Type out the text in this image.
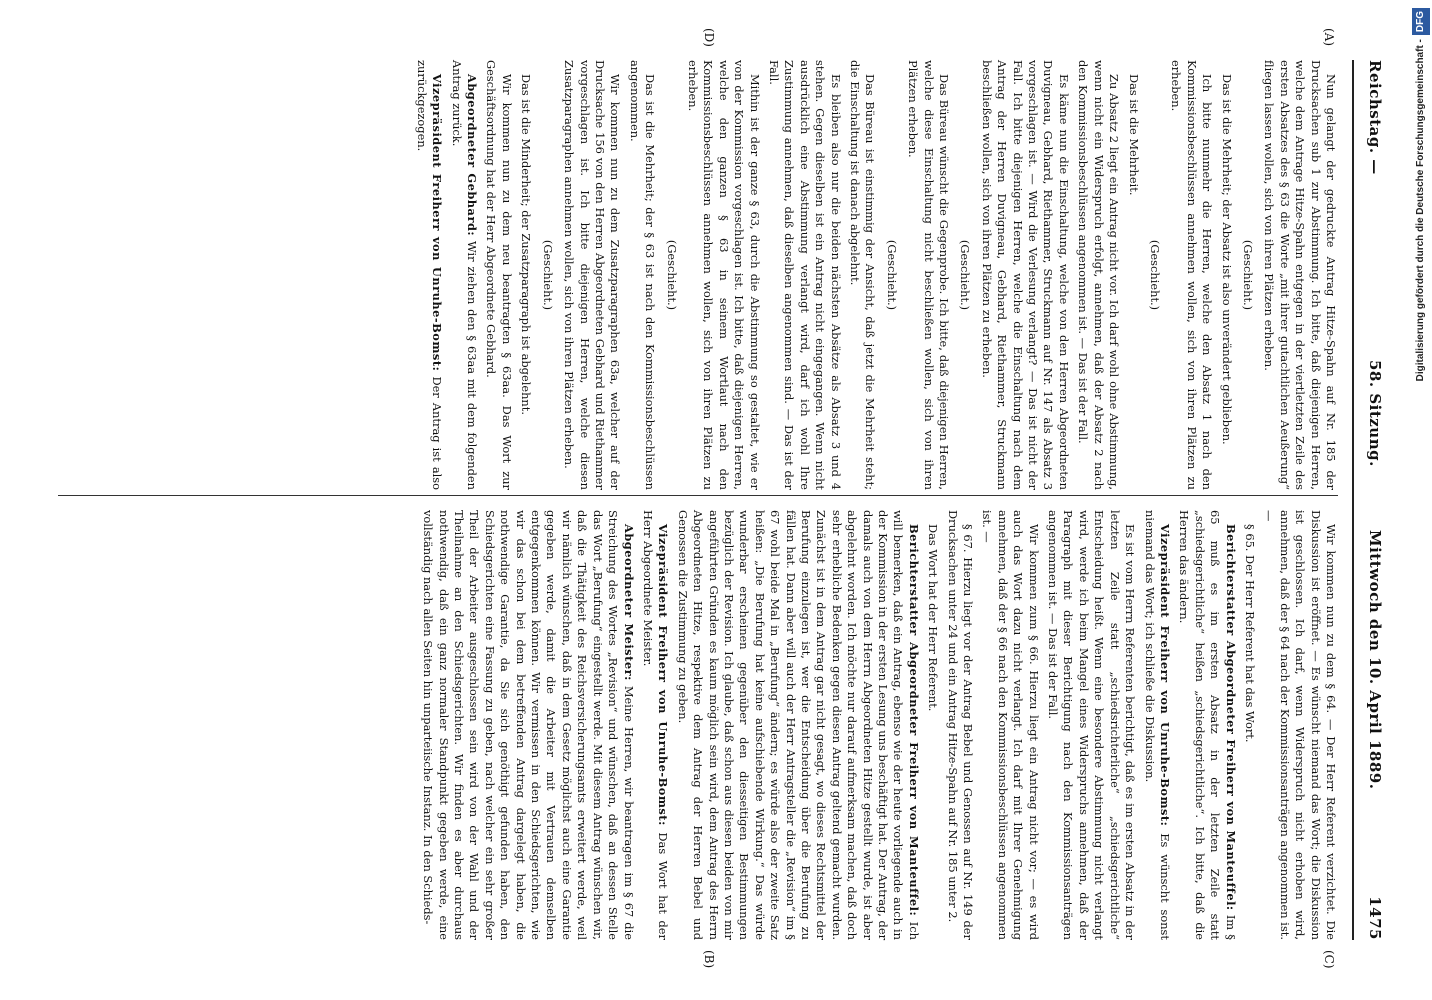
Reichstag. —
58. Sitzung.
Mittwoch den 10. April 1889.
1475
(A)
(D)
(C)
(B)

Nun gelangt der gedruckte Antrag Hitze-Spahn auf Nr. 185 der Drucksachen sub 1 zur Abstimmung. Ich bitte, daß diejenigen Herren, welche dem Antrage Hitze-Spahn entgegen in der viertletzten Zeile des ersten Absatzes des § 63 die Worte „mit ihrer gutachtlichen Aeußerung“ fliegen lassen wollen, sich von ihren Plätzen erheben.

(Geschieht.)

Das ist die Mehrheit; der Absatz ist also unverändert geblieben.

Ich bitte nunmehr die Herren, welche den Absatz 1 nach den Kommissionsbeschlüssen annehmen wollen, sich von ihren Plätzen zu erheben.

(Geschieht.)

Das ist die Mehrheit.

Zu Absatz 2 liegt ein Antrag nicht vor. Ich darf wohl ohne Abstimmung, wenn nicht ein Widerspruch erfolgt, annehmen, daß der Absatz 2 nach den Kommissionsbeschlüssen angenommen ist. — Das ist der Fall.

Es käme nun die Einschaltung, welche von den Herren Abgeordneten Duvigneau, Gebhard, Riethammer, Struckmann auf Nr. 147 als Absatz 3 vorgeschlagen ist. — Wird die Verlesung verlangt? — Das ist nicht der Fall. Ich bitte diejenigen Herren, welche die Einschaltung nach dem Antrag der Herren Duvigneau, Gebhard, Riethammer, Struckmann beschließen wollen, sich von ihren Plätzen zu erheben.

(Geschieht.)

Das Büreau wünscht die Gegenprobe. Ich bitte, daß diejenigen Herren, welche diese Einschaltung nicht beschließen wollen, sich von ihren Plätzen erheben.

(Geschieht.)

Das Büreau ist einstimmig der Ansicht, daß jetzt die Mehrheit steht; die Einschaltung ist danach abgelehnt.

Es bleiben also nur die beiden nächsten Absätze als Absatz 3 und 4 stehen. Gegen dieselben ist ein Antrag nicht eingegangen. Wenn nicht ausdrücklich eine Abstimmung verlangt wird, darf ich wohl Ihre Zustimmung annehmen, daß dieselben angenommen sind. — Das ist der Fall.

Mithin ist der ganze § 63, durch die Abstimmung so gestaltet, wie er von der Kommission vorgeschlagen ist. Ich bitte, daß diejenigen Herren, welche den ganzen § 63 in seinem Wortlaut nach den Kommissionsbeschlüssen annehmen wollen, sich von ihren Plätzen zu erheben.

(Geschieht.)

Das ist die Mehrheit; der § 63 ist nach den Kommissionsbeschlüssen angenommen.

Wir kommen nun zu dem Zusatzparagraphen 63a, welcher auf der Drucksache 156 von den Herren Abgeordneten Gebhard und Riethammer vorgeschlagen ist. Ich bitte diejenigen Herren, welche diesen Zusatzparagraphen annehmen wollen, sich von ihren Plätzen erheben.

(Geschieht.)

Das ist die Minderheit; der Zusatzparagraph ist abgelehnt.

Wir kommen nun zu dem neu beantragten § 63aa. Das Wort zur Geschäftsordnung hat der Herr Abgeordnete Gebhard.

Abgeordneter Gebhard: Wir ziehen den § 63aa mit dem folgenden Antrag zurück.

Vizepräsident Freiherr von Unruhe-Bomst: Der Antrag ist also zurückgezogen.

Wir kommen nun zu dem § 64. — Der Herr Referent verzichtet. Die Diskussion ist eröffnet. — Es wünscht niemand das Wort; die Diskussion ist geschlossen. Ich darf, wenn Widerspruch nicht erhoben wird, annehmen, daß der § 64 nach der Kommissionsanträgen angenommen ist. —

§ 65. Der Herr Referent hat das Wort.

Berichterstatter Abgeordneter Freiherr von Manteuffel: Im § 65 muß es im ersten Absatz in der letzten Zeile statt „schiedsgerichtliche“ heißen „schiedsgerichtliche“. Ich bitte, daß die Herren das ändern.

Vizepräsident Freiherr von Unruhe-Bomst: Es wünscht sonst niemand das Wort; ich schließe die Diskussion.

Es ist vom Herrn Referenten berichtigt, daß es im ersten Absatz in der letzten Zeile statt „schiedsrichterliche“ „schiedsgerichtliche“ Entscheidung heißt. Wenn eine besondere Abstimmung nicht verlangt wird, werde ich beim Mangel eines Widerspruchs annehmen, daß der Paragraph mit dieser Berichtigung nach den Kommissionsanträgen angenommen ist. — Das ist der Fall.

Wir kommen zum § 66. Hierzu liegt ein Antrag nicht vor; — es wird auch das Wort dazu nicht verlangt. Ich darf mit Ihrer Genehmigung annehmen, daß der § 66 nach den Kommissionsbeschlüssen angenommen ist. —

§ 67. Hierzu liegt vor der Antrag Bebel und Genossen auf Nr. 149 der Drucksachen unter 24 und ein Antrag Hitze-Spahn auf Nr. 185 unter 2.

Das Wort hat der Herr Referent.

Berichterstatter Abgeordneter Freiherr von Manteuffel: Ich will bemerken, daß ein Antrag, ebenso wie der heute vorliegende auch in der Kommission in der ersten Lesung uns beschäftigt hat. Der Antrag, der damals auch von dem Herrn Abgeordneten Hitze gestellt wurde, ist aber abgelehnt worden. Ich möchte nur darauf aufmerksam machen, daß doch sehr erhebliche Bedenken gegen diesen Antrag geltend gemacht wurden. Zunächst ist in dem Antrag gar nicht gesagt, wo dieses Rechtsmittel der Berufung einzulegen ist, wer die Entscheidung über die Berufung zu fällen hat. Dann aber will auch der Herr Antragsteller die „Revision“ im § 67 wohl beide Mal in „Berufung“ ändern; es würde also der zweite Satz heißen: „Die Berufung hat keine aufschiebende Wirkung.“ Das würde wunderbar erscheinen gegenüber den diesseitigen Bestimmungen bezüglich der Revision. Ich glaube, daß schon aus diesen beiden von mir angeführten Gründen es kaum möglich sein wird, dem Antrag des Herrn Abgeordneten Hitze, respektive dem Antrag der Herren Bebel und Genossen die Zustimmung zu geben.

Vizepräsident Freiherr von Unruhe-Bomst: Das Wort hat der Herr Abgeordnete Meister.

Abgeordneter Meister: Meine Herren, wir beantragen im § 67 die Streichung des Wortes „Revision“ und wünschen, daß an dessen Stelle das Wort „Berufung“ eingestellt werde. Mit diesem Antrag wünschen wir, daß die Thätigkeit des Reichsversicherungsamts erweitert werde, weil wir nämlich wünschen, daß in dem Gesetz möglichst auch eine Garantie gegeben werde, damit die Arbeiter mit Vertrauen demselben entgegenkommen können. Wir vermissen in den Schiedsgerichten, wie wir das schon bei dem betreffenden Antrag dargelegt haben, die nothwendige Garantie, da Sie sich genöthigt gefunden haben, den Schiedsgerichten eine Fassung zu geben, nach welcher ein sehr großer Theil der Arbeiter ausgeschlossen sein wird von der Wahl und der Theilnahme an den Schiedsgerichten. Wir finden es aber durchaus nothwendig, daß ein ganz normaler Standpunkt gegeben werde, eine vollständig nach allen Seiten hin unparteiische Instanz. In den Schieds-

Digitalisierung gefördert durch die Deutsche Forschungsgemeinschaft -DFG
